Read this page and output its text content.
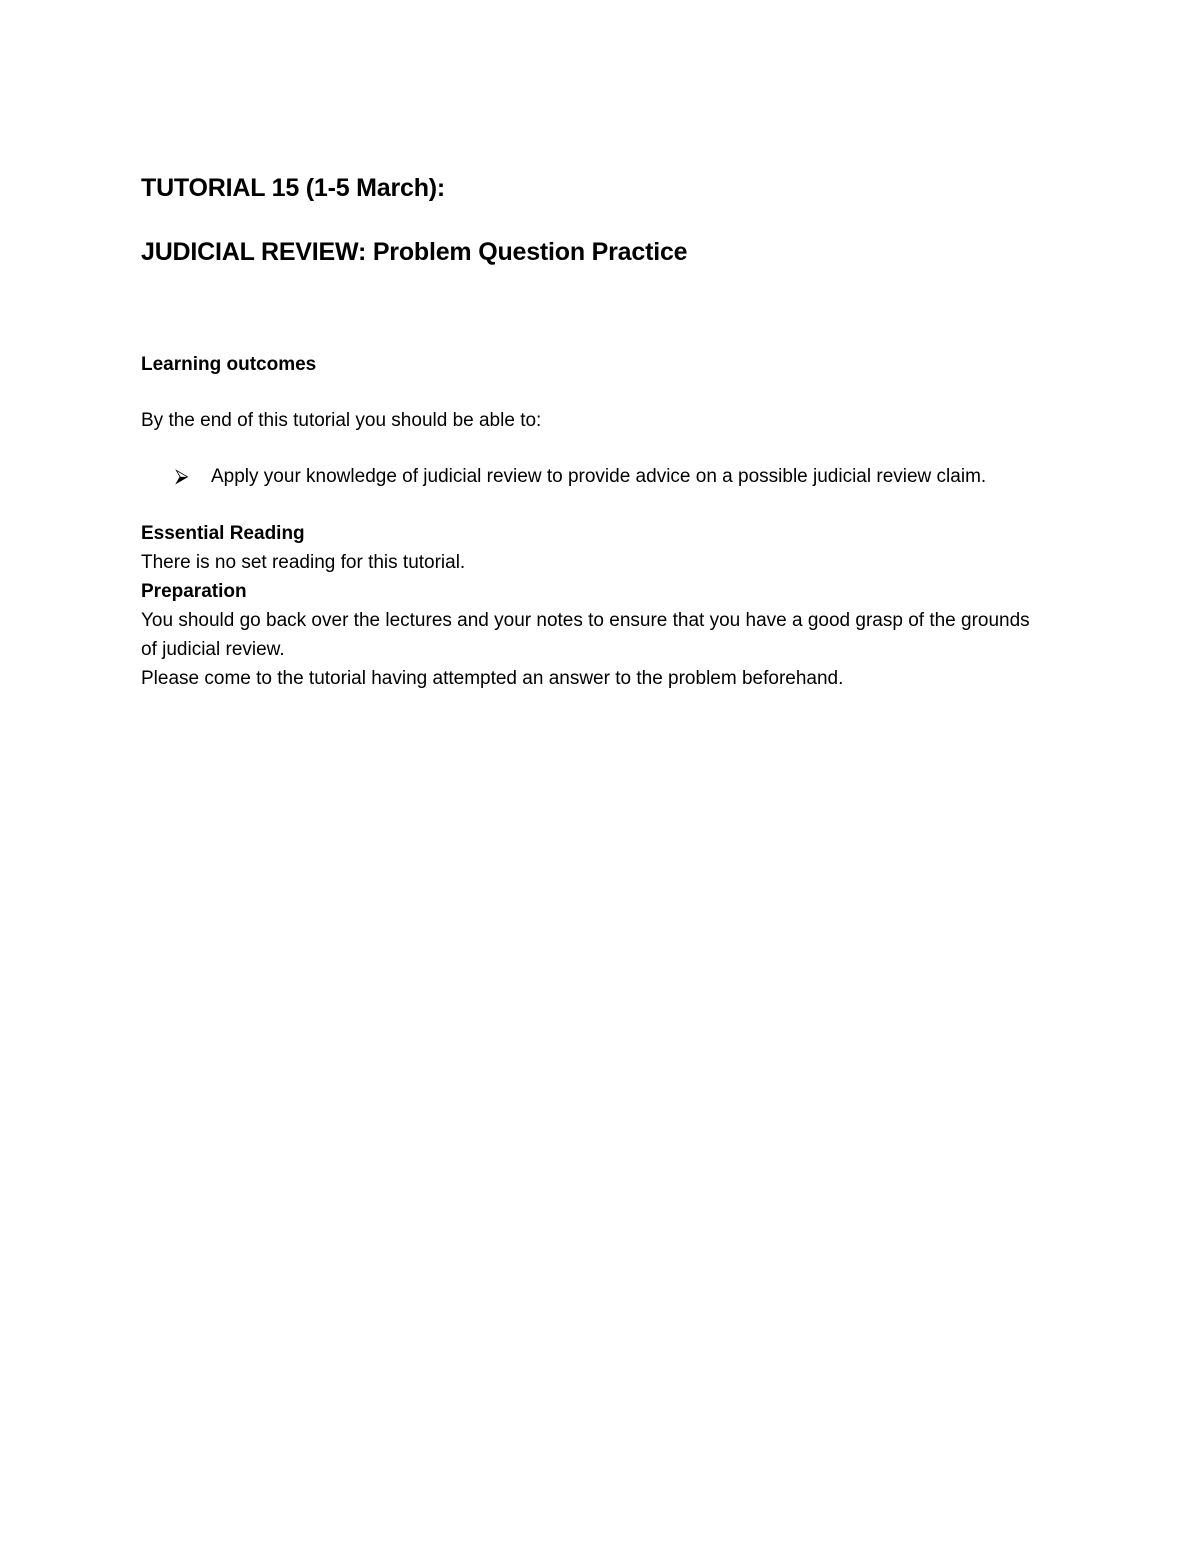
TUTORIAL 15 (1-5 March):
JUDICIAL REVIEW: Problem Question Practice

Learning outcomes

By the end of this tutorial you should be able to:

⮚	Apply your knowledge of judicial review to provide advice on a possible judicial review claim.

Essential Reading

There is no set reading for this tutorial.

Preparation

You should go back over the lectures and your notes to ensure that you have a good grasp of the grounds of judicial review.

Please come to the tutorial having attempted an answer to the problem beforehand.
